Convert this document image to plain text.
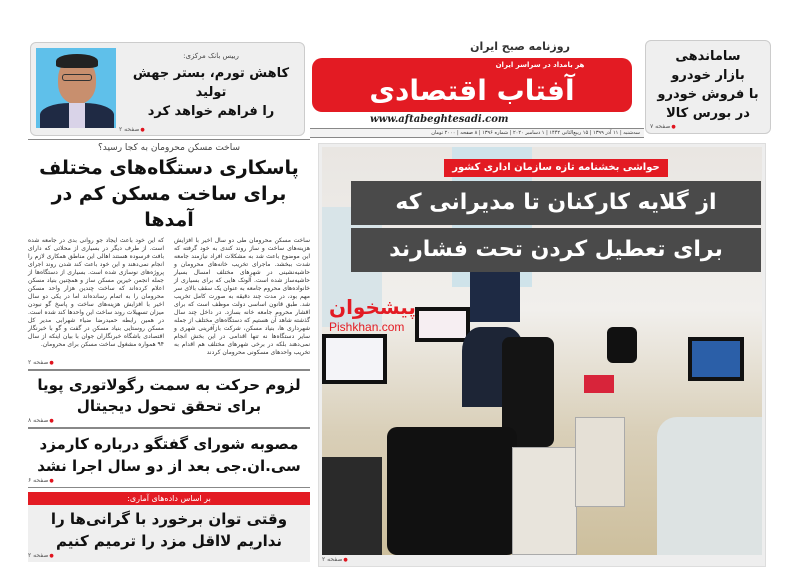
روزنامه صبح ایران
هر بامداد در سراسر ایران
آفتاب اقتصادی
www.aftabeghtesadi.com
سه‌شنبه | ۱۱ آذر ۱۳۹۹ | ۱۵ ربیع‌الثانی ۱۴۴۲ | ۱ دسامبر ۲۰۲۰ | شماره ۱۳۹۶ | ۸ صفحه | ۲۰۰۰ تومان
ساماندهی
بازار خودرو
با فروش خودرو
در بورس کالا
● صفحه ۷
رییس بانک مرکزی:
کاهش تورم، بستر جهش تولید
را فراهم خواهد کرد
● صفحه ۲
ساخت مسکن محرومان به کجا رسید؟
پاسکاری دستگاه‌های مختلف
برای ساخت مسکن کم در آمدها
که این خود باعث ایجاد جو روانی بدی در جامعه شده است. از طرف دیگر در بسیاری از محلاتی که دارای بافت فرسوده هستند اهالی این مناطق همکاری لازم را انجام نمی‌دهند و این خود باعث کند شدن روند اجرای پروژه‌های نوسازی شده است. بسیاری از دستگاه‌ها از جمله انجمن خیرین مسکن ساز و همچنین بنیاد مسکن اعلام کرده‌اند که ساخت چندین هزار واحد مسکن محرومان را به اتمام رسانده‌اند اما در یکی دو سال اخیر با افزایش هزینه‌های ساخت و پاسخ گو نبودن میزان تسهیلات روند ساخت این واحدها کند شده است. در همین رابطه حمیدرضا ضیاء شهرابی مدیر کل مسکن روستایی بنیاد مسکن در گفت و گو با خبرنگار اقتصادی باشگاه خبرنگاران جوان با بیان اینکه از سال ۹۴ همواره مشغول ساخت مسکن برای محرومان.
ساخت مسکن محرومان طی دو سال اخیر با افزایش هزینه‌های ساخت و ساز روند کندی به خود گرفته که این موضوع باعث شد به مشکلات افراد نیازمند جامعه شدت ببخشد. ماجرای تخریب خانه‌های محرومان و حاشیه‌نشینی در شهرهای مختلف امسال بسیار حاشیه‌ساز شده است. آلونک هایی که برای بسیاری از خانواده‌های محروم جامعه به عنوان یک سقف بالای سر مهم بود، در مدت چند دقیقه به صورت کامل تخریب شد. طبق قانون اساسی دولت موظف است که برای اقشار محروم جامعه خانه بسازد. در داخل چند سال گذشته شاهد آن هستیم که دستگاه‌های مختلف از جمله شهرداری ها، بنیاد مسکن، شرکت بازآفرینی شهری و سایر دستگاه‌ها نه تنها اقدامی در این بخش انجام نمی‌دهند بلکه در برخی شهرهای مختلف هم اقدام به تخریب واحدهای مسکونی محرومان کردند
● صفحه ۲
لزوم حرکت به سمت رگولاتوری پویا
برای تحقق تحول دیجیتال
● صفحه ۸
مصوبه شورای گفتگو درباره کارمزد
سی.ان.جی بعد از دو سال اجرا نشد
● صفحه ۶
بر اساس داده‌های آماری:
وقتی توان برخورد با گرانی‌ها را
نداریم لااقل مزد را ترمیم کنیم
● صفحه ۲
حواشی بخشنامه تازه سازمان اداری کشور
از گلایه کارکنان تا مدیرانی که
برای تعطیل کردن تحت فشارند
پیشخوان
Pishkhan.com
● صفحه ۲
